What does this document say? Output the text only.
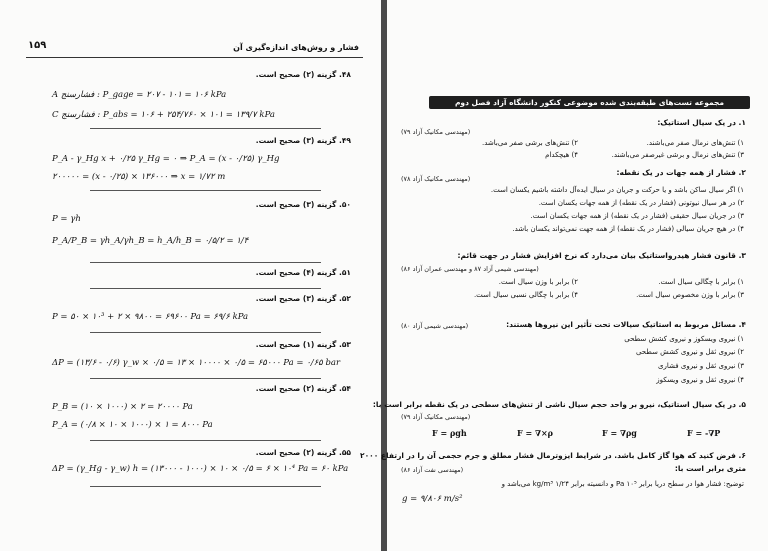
۱۵۹	فشار و روش‌های اندازه‌گیری آن
۴۸. گزینه (۲) صحیح است.
A فشارسنج : P_gage = ۲۰۷ - ۱۰۱ = ۱۰۶ kPa
C فشارسنج : P_abs = ۱۰۶ + ۲۵۴/۷۶۰ × ۱۰۱ = ۱۳۹/۷ kPa
۴۹. گزینه (۳) صحیح است.
P_A - γ_Hg x + ۰/۲۵ γ_Hg = ۰ ⇒ P_A = (x - ۰/۲۵) γ_Hg
۲۰۰۰۰۰ = (x - ۰/۲۵) × ۱۳۶۰۰۰ ⇒ x = ۱/۷۲ m
۵۰. گزینه (۳) صحیح است.
P = γh
P_A/P_B = γh_A/γh_B = h_A/h_B = ۰/۵/۲ = ۱/۴
۵۱. گزینه (۴) صحیح است.
۵۲. گزینه (۳) صحیح است.
P = ۵۰ × ۱۰³ + ۲ × ۹۸۰۰ = ۶۹۶۰۰ Pa = ۶۹/۶ kPa
۵۳. گزینه (۱) صحیح است.
ΔP = (۱۳/۶ - ۰/۶) γ_w × ۰/۵ = ۱۳ × ۱۰۰۰۰ × ۰/۵ = ۶۵۰۰۰ Pa = ۰/۶۵ bar
۵۴. گزینه (۲) صحیح است.
P_B = (۱۰ × ۱۰۰۰) × ۲ = ۲۰۰۰۰ Pa
P_A = (۰/۸ × ۱۰ × ۱۰۰۰) × ۱ = ۸۰۰۰ Pa
۵۵. گزینه (۲) صحیح است.
ΔP = (γ_Hg - γ_w) h = (۱۳۰۰۰ - ۱۰۰۰) × ۱۰ × ۰/۵ = ۶ × ۱۰⁴ Pa = ۶۰ kPa
مجموعه تست‌های طبقه‌بندی شده موضوعی کنکور دانشگاه آزاد فصل دوم
۱. در یک سیال استاتیک:
(مهندسی مکانیک آزاد ۷۹)
۱) تنش‌های نرمال صفر می‌باشند.
۲) تنش‌های برشی صفر می‌باشد.
۳) تنش‌های نرمال و برشی غیرصفر می‌باشند.
۴) هیچکدام
۲. فشار از همه جهات در یک نقطه:
(مهندسی مکانیک آزاد ۷۸)
۱) اگر سیال ساکن باشد و یا حرکت و جریان در سیال ایده‌آل داشته باشیم یکسان است.
۲) در هر سیال نیوتونی (فشار در یک نقطه) از همه جهات یکسان است.
۳) در جریان سیال حقیقی (فشار در یک نقطه) از همه جهات یکسان است.
۴) در هیچ جریان سیالی (فشار در یک نقطه) از همه جهت نمی‌تواند یکسان باشد.
۳. قانون فشار هیدرواستاتیک بیان می‌دارد که نرخ افزایش فشار در جهت قائم:
(مهندسی شیمی آزاد ۸۷ و مهندسی عمران آزاد ۸۶)
۱) برابر با چگالی سیال است.
۲) برابر با وزن سیال است.
۳) برابر با وزن مخصوص سیال است.
۴) برابر با چگالی نسبی سیال است.
۴. مسائل مربوط به استاتیک سیالات تحت تأثیر این نیروها هستند:
(مهندسی شیمی آزاد ۸۰)
۱) نیروی ویسکوز و نیروی کشش سطحی
۲) نیروی ثقل و نیروی کشش سطحی
۳) نیروی ثقل و نیروی فشاری
۴) نیروی ثقل و نیروی ویسکوز
۵. در یک سیال استاتیک، نیرو بر واحد حجم سیال ناشی از تنش‌های سطحی در یک نقطه برابر است با:
(مهندسی مکانیک آزاد ۷۹)
F = -∇P
F = ∇ρg
F = ∇×ρ
F = ρgh
۶. فرض کنید که هوا گاز کامل باشد. در شرایط ایزوترمال فشار مطلق و جرم حجمی آن را در ارتفاع ۲۰۰۰
متری برابر است با:
(مهندسی نفت آزاد ۸۶)
توضیح: فشار هوا در سطح دریا برابر Pa ۱۰⁵ و دانسیته برابر kg/m³ ۱/۲۴ می‌باشد و
g = ۹/۸۰۶ m/s²
